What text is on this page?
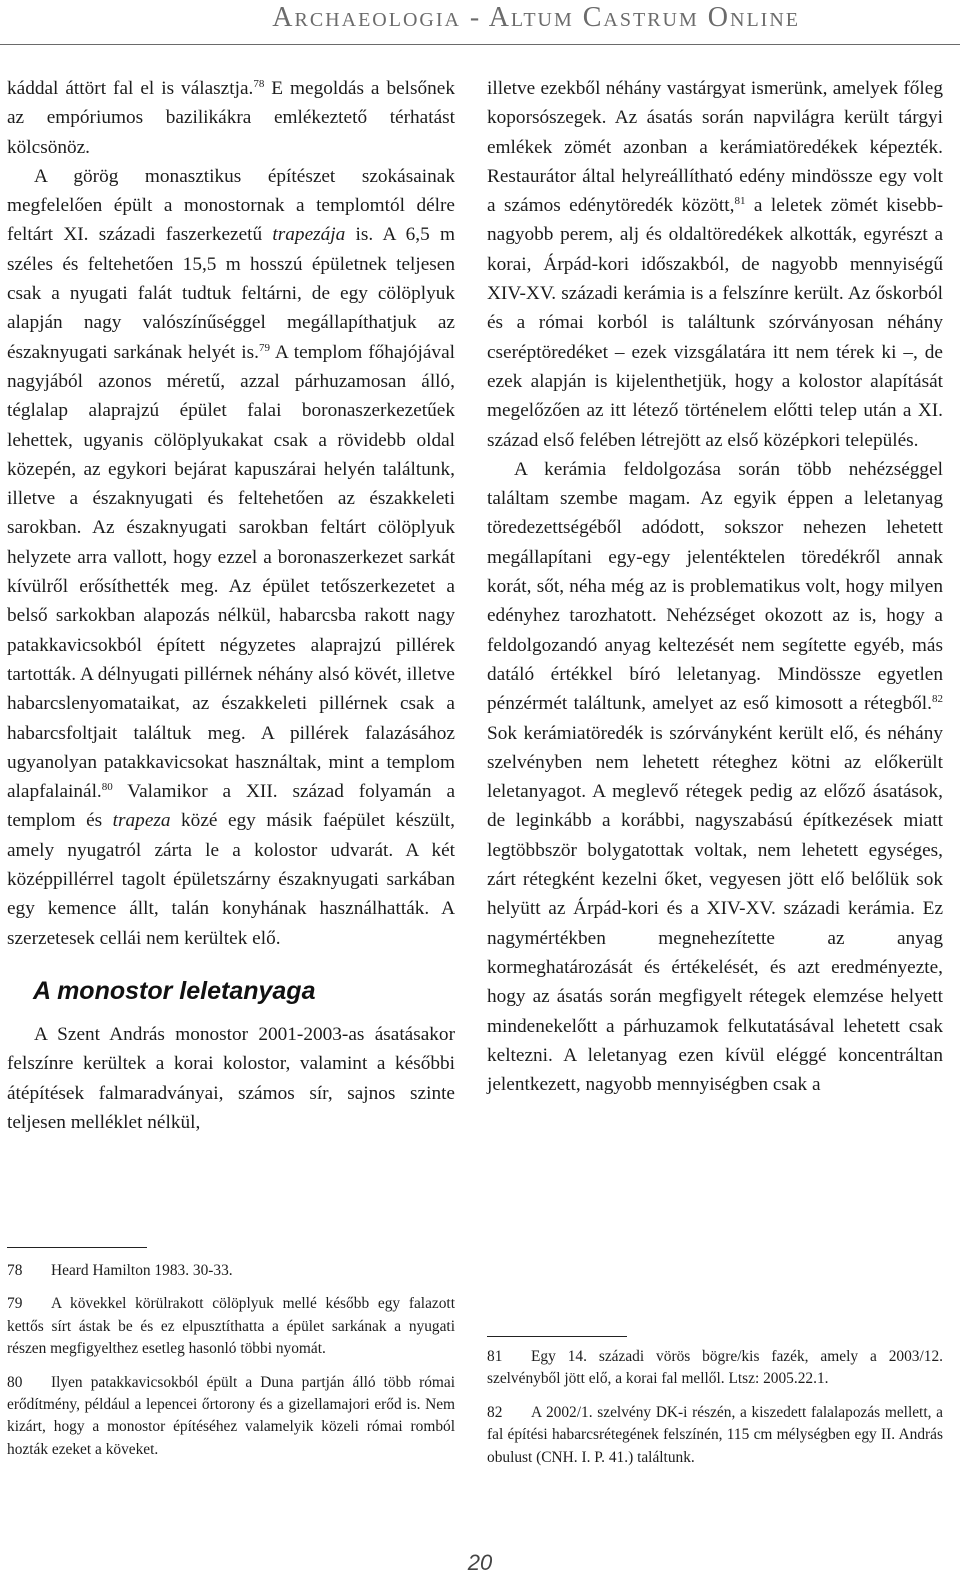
Archaeologia - Altum Castrum Online

káddal áttört fal el is választja.$^{78}$ E megoldás a belsőnek az empóriumos bazilikákra emlékeztető térhatást kölcsönöz.

A görög monasztikus építészet szokásainak megfelelően épült a monostornak a templomtól délre feltárt XI. századi faszerkezetű trapezája is. A 6,5 m széles és feltehetően 15,5 m hosszú épületnek teljesen csak a nyugati falát tudtuk feltárni, de egy cölöplyuk alapján nagy valószínűséggel megállapíthatjuk az északnyugati sarkának helyét is.$^{79}$ A templom főhajójával nagyjából azonos méretű, azzal párhuzamosan álló, téglalap alaprajzú épület falai boronaszerkezetűek lehettek, ugyanis cölöplyukakat csak a rövidebb oldal közepén, az egykori bejárat kapuszárai helyén találtunk, illetve a északnyugati és feltehetően az északkeleti sarokban. Az északnyugati sarokban feltárt cölöplyuk helyzete arra vallott, hogy ezzel a boronaszerkezet sarkát kívülről erősíthették meg. Az épület tetőszerkezetet a belső sarkokban alapozás nélkül, habarcsba rakott nagy patakkavicsokból épített négyzetes alaprajzú pillérek tartották. A délnyugati pillérnek néhány alsó kövét, illetve habarcslenyomataikat, az északkeleti pillérnek csak a habarcsfoltjait találtuk meg. A pillérek falazásához ugyanolyan patakkavicsokat használtak, mint a templom alapfalainál.$^{80}$ Valamikor a XII. század folyamán a templom és trapeza közé egy másik faépület készült, amely nyugatról zárta le a kolostor udvarát. A két középpillérrel tagolt épületszárny északnyugati sarkában egy kemence állt, talán konyhának használhatták. A szerzetesek cellái nem kerültek elő.

A monostor leletanyaga

A Szent András monostor 2001-2003-as ásatásakor felszínre kerültek a korai kolostor, valamint a későbbi átépítések falmaradványai, számos sír, sajnos szinte teljesen melléklet nélkül,

illetve ezekből néhány vastárgyat ismerünk, amelyek főleg koporsószegek. Az ásatás során napvilágra került tárgyi emlékek zömét azonban a kerámiatöredékek képezték. Restaurátor által helyreállítható edény mindössze egy volt a számos edénytöredék között,$^{81}$ a leletek zömét kisebb-nagyobb perem, alj és oldaltöredékek alkották, egyrészt a korai, Árpád-kori időszakból, de nagyobb mennyiségű XIV-XV. századi kerámia is a felszínre került. Az őskorból és a római korból is találtunk szórványosan néhány cseréptöredéket – ezek vizsgálatára itt nem térek ki –, de ezek alapján is kijelenthetjük, hogy a kolostor alapítását megelőzően az itt létező történelem előtti telep után a XI. század első felében létrejött az első középkori település.

A kerámia feldolgozása során több nehézséggel találtam szembe magam. Az egyik éppen a leletanyag töredezettségéből adódott, sokszor nehezen lehetett megállapítani egy-egy jelentéktelen töredékről annak korát, sőt, néha még az is problematikus volt, hogy milyen edényhez tarozhatott. Nehézséget okozott az is, hogy a feldolgozandó anyag keltezését nem segítette egyéb, más datáló értékkel bíró leletanyag. Mindössze egyetlen pénzérmét találtunk, amelyet az eső kimosott a rétegből.$^{82}$ Sok kerámiatöredék is szórványként került elő, és néhány szelvényben nem lehetett réteghez kötni az előkerült leletanyagot. A meglevő rétegek pedig az előző ásatások, de leginkább a korábbi, nagyszabású építkezések miatt legtöbbször bolygatottak voltak, nem lehetett egységes, zárt rétegként kezelni őket, vegyesen jött elő belőlük sok helyütt az Árpád-kori és a XIV-XV. századi kerámia. Ez nagymértékben megnehezítette az anyag kormeghatározását és értékelését, és azt eredményezte, hogy az ásatás során megfigyelt rétegek elemzése helyett mindenekelőtt a párhuzamok felkutatásával lehetett csak keltezni. A leletanyag ezen kívül eléggé koncentráltan jelentkezett, nagyobb mennyiségben csak a

78 Heard Hamilton 1983. 30-33.

79 A kövekkel körülrakott cölöplyuk mellé később egy falazott kettős sírt ástak be és ez elpusztíthatta a épület sarkának a nyugati részen megfigyelthez esetleg hasonló többi nyomát.

80 Ilyen patakkavicsokból épült a Duna partján álló több római erődítmény, például a lepencei őrtorony és a gizellamajori erőd is. Nem kizárt, hogy a monostor építéséhez valamelyik közeli római romból hozták ezeket a köveket.

81 Egy 14. századi vörös bögre/kis fazék, amely a 2003/12. szelvényből jött elő, a korai fal mellől. Ltsz: 2005.22.1.

82 A 2002/1. szelvény DK-i részén, a kiszedett falalapozás mellett, a fal építési habarcsrétegének felszínén, 115 cm mélységben egy II. András obulust (CNH. I. P. 41.) találtunk.

20
